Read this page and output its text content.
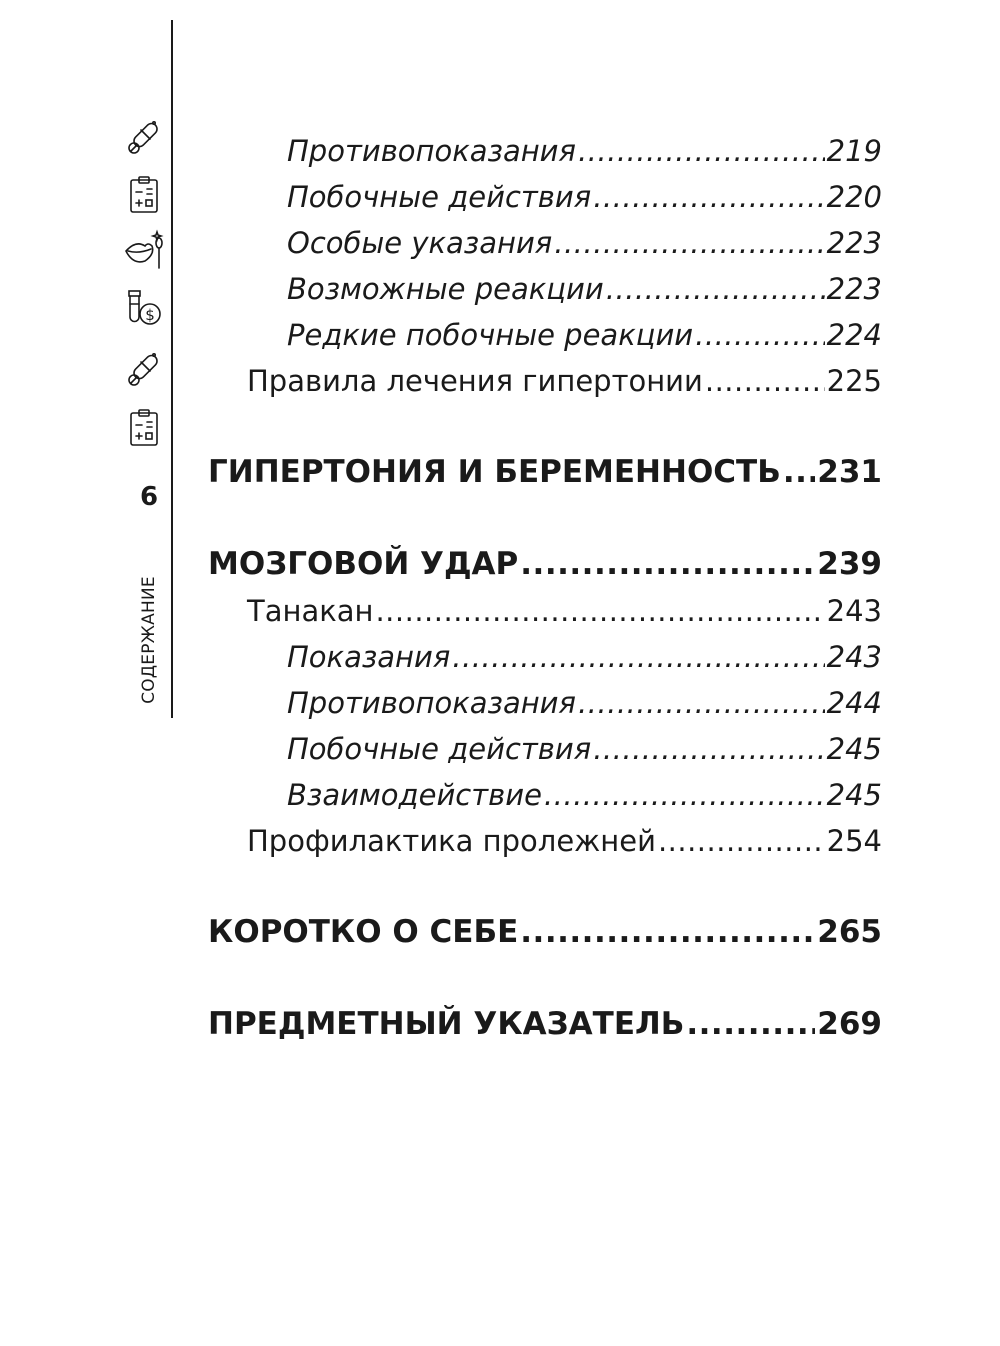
$
6
СОДЕРЖАНИЕ
Противопоказания .....	219
Побочные действия .....	220
Особые указания .....	223
Возможные реакции .....	223
Редкие побочные реакции .....	224
Правила лечения гипертонии .....	225
ГИПЕРТОНИЯ И БЕРЕМЕННОСТЬ ..... 231
МОЗГОВОЙ УДАР .....	239
Танакан .....	243
Показания .....	243
Противопоказания .....	244
Побочные действия .....	245
Взаимодействие .....	245
Профилактика пролежней .....	254
КОРОТКО О СЕБЕ .....	265
ПРЕДМЕТНЫЙ УКАЗАТЕЛЬ .....	269
